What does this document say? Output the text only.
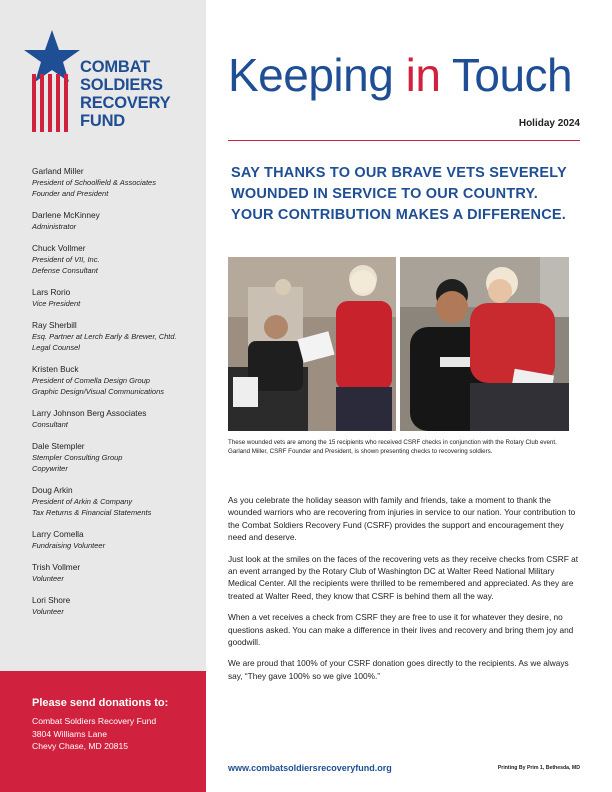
COMBAT
SOLDIERS
RECOVERY
FUND
Garland Miller
President of Schoolfield & Associates
Founder and President
Darlene McKinney
Administrator
Chuck Vollmer
President of VII, Inc.
Defense Consultant
Lars Rorio
Vice President
Ray Sherbill
Esq. Partner at Lerch Early & Brewer, Chtd.
Legal Counsel
Kristen Buck
President of Comella Design Group
Graphic Design/Visual Communications
Larry Johnson Berg Associates
Consultant
Dale Stempler
Stempler Consulting Group
Copywriter
Doug Arkin
President of Arkin & Company
Tax Returns & Financial Statements
Larry Comella
Fundraising Volunteer
Trish Vollmer
Volunteer
Lori Shore
Volunteer
Please send donations to:
Combat Soldiers Recovery Fund
3804 Williams Lane
Chevy Chase, MD 20815
Keeping in Touch
Holiday 2024
SAY THANKS TO OUR BRAVE VETS SEVERELY
WOUNDED IN SERVICE TO OUR COUNTRY.
YOUR CONTRIBUTION MAKES A DIFFERENCE.
These wounded vets are among the 15 recipients who received CSRF checks in conjunction with the Rotary Club event.
Garland Miller, CSRF Founder and President, is shown presenting checks to recovering soldiers.

As you celebrate the holiday season with family and friends, take a moment to thank the wounded warriors who are recovering from injuries in service to our nation. Your contribution to the Combat Soldiers Recovery Fund (CSRF) provides the support and encouragement they need and deserve.

Just look at the smiles on the faces of the recovering vets as they receive checks from CSRF at an event arranged by the Rotary Club of Washington DC at Walter Reed National Military Medical Center. All the recipients were thrilled to be remembered and appreciated. As they are treated at Walter Reed, they know that CSRF is behind them all the way.

When a vet receives a check from CSRF they are free to use it for whatever they desire, no questions asked. You can make a difference in their lives and recovery and bring them joy and goodwill.

We are proud that 100% of your CSRF donation goes directly to the recipients. As we always say, “They gave 100% so we give 100%.”

www.combatsoldiersrecoveryfund.org	Printing By Prim 1, Bethesda, MD
